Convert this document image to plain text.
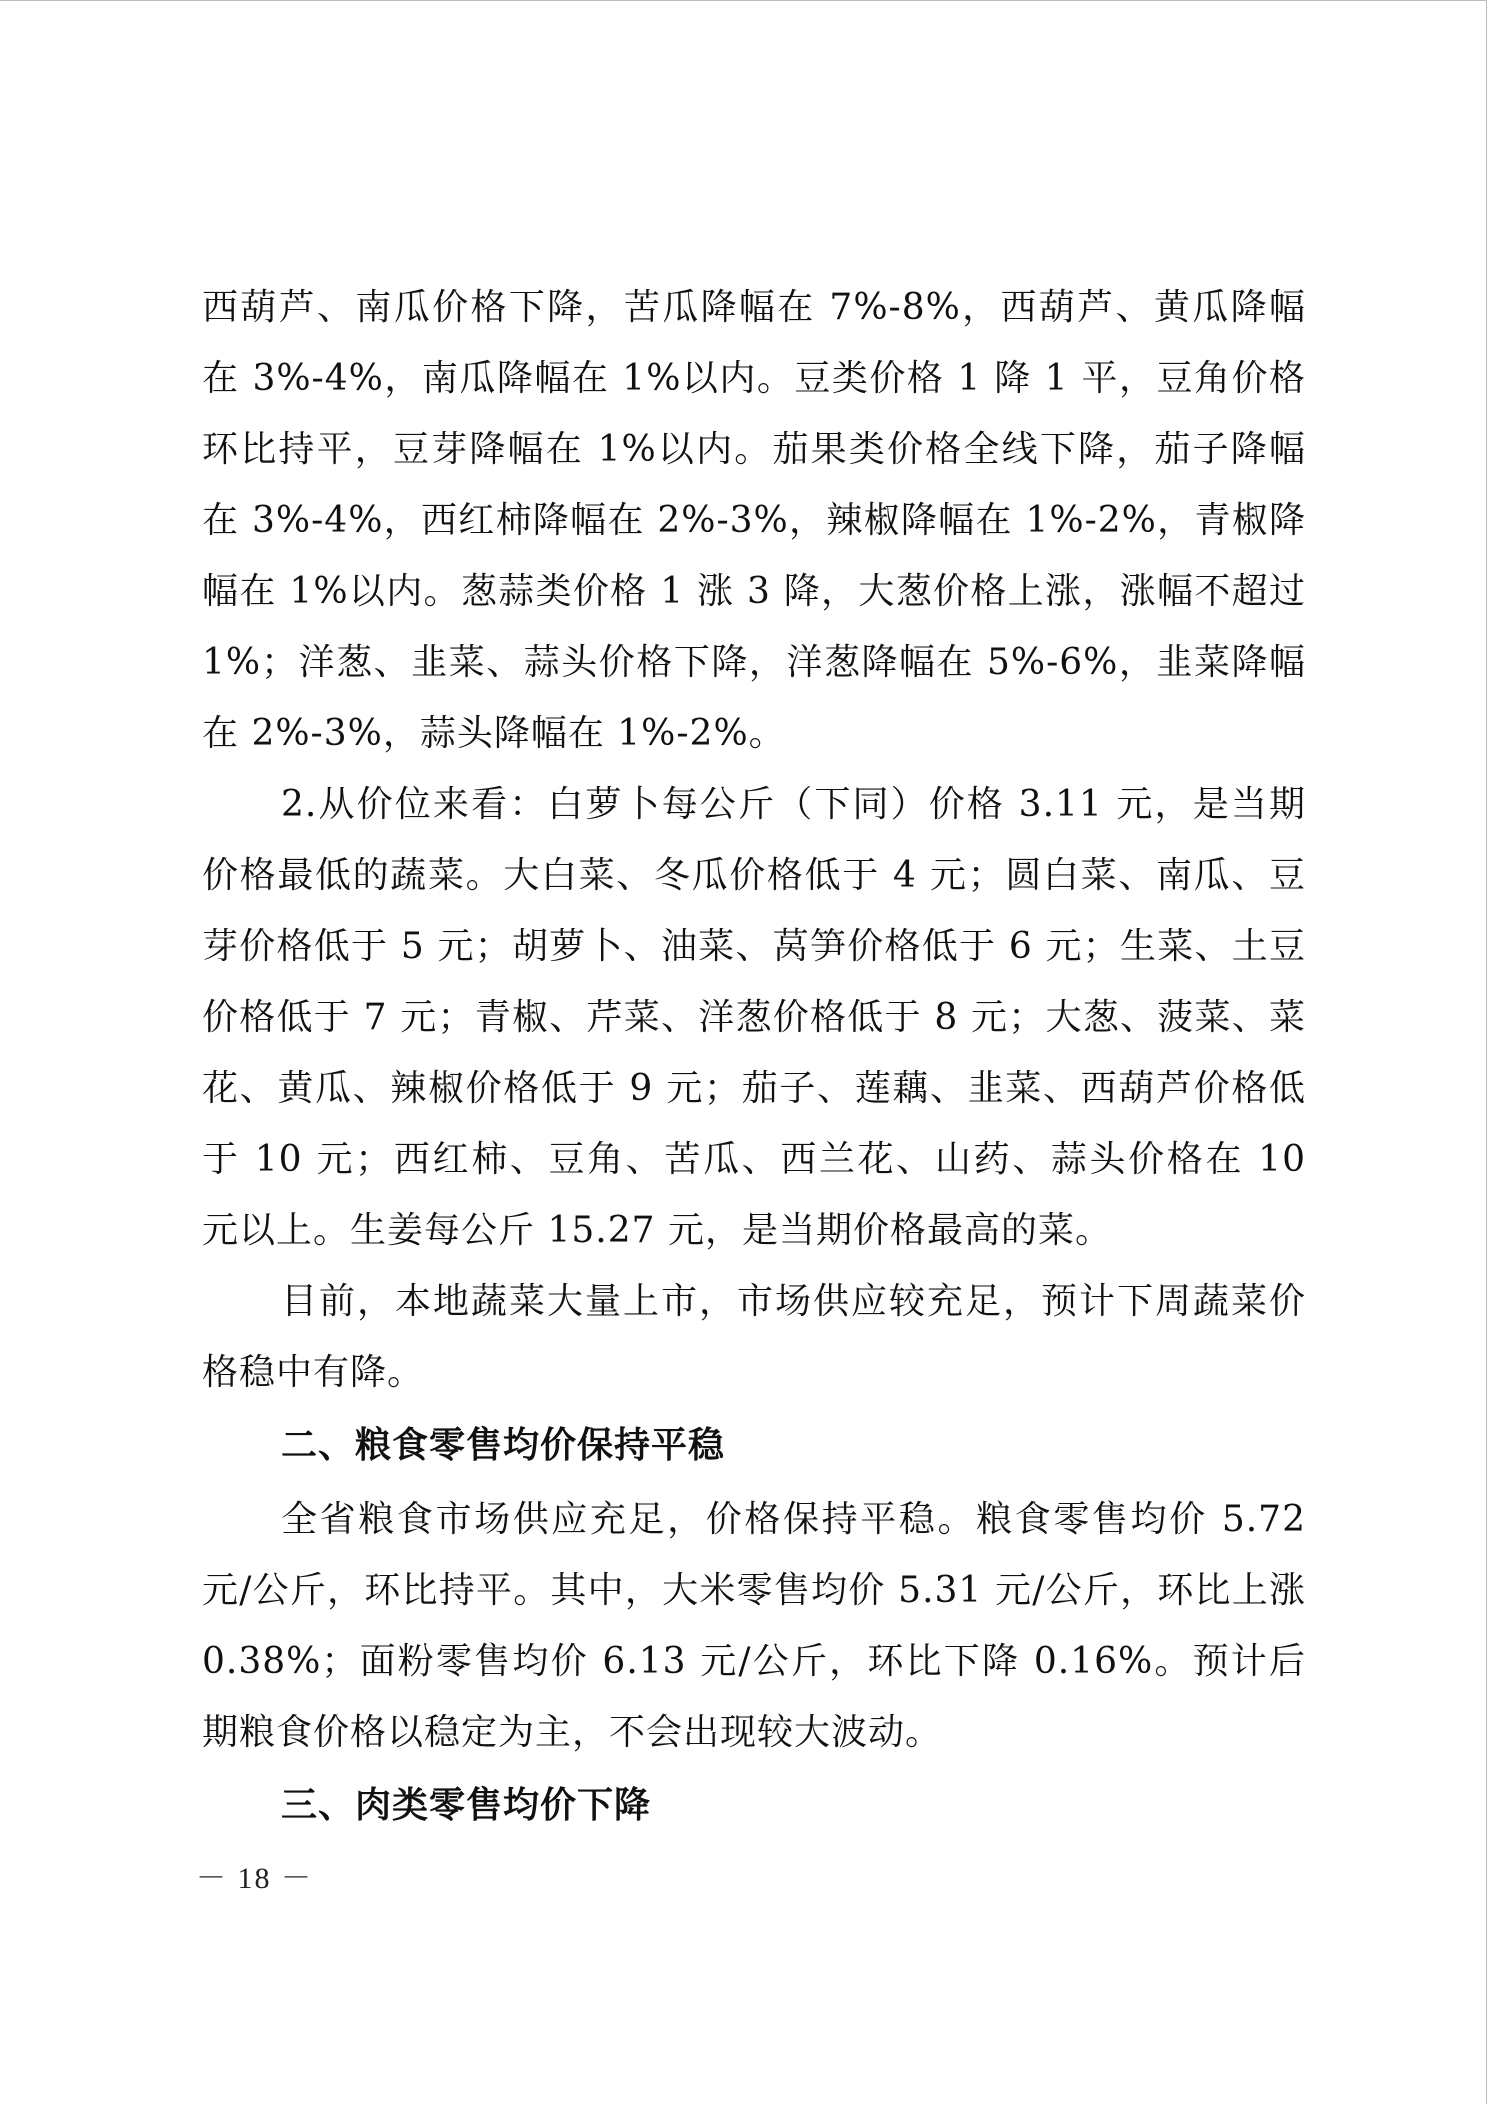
西葫芦、南瓜价格下降，苦瓜降幅在 7%-8%，西葫芦、黄瓜降幅在 3%-4%，南瓜降幅在 1%以内。豆类价格 1 降 1 平，豆角价格环比持平，豆芽降幅在 1%以内。茄果类价格全线下降，茄子降幅在 3%-4%，西红柿降幅在 2%-3%，辣椒降幅在 1%-2%，青椒降幅在 1%以内。葱蒜类价格 1 涨 3 降，大葱价格上涨，涨幅不超过 1%；洋葱、韭菜、蒜头价格下降，洋葱降幅在 5%-6%，韭菜降幅在 2%-3%，蒜头降幅在 1%-2%。

2.从价位来看：白萝卜每公斤（下同）价格 3.11 元，是当期价格最低的蔬菜。大白菜、冬瓜价格低于 4 元；圆白菜、南瓜、豆芽价格低于 5 元；胡萝卜、油菜、莴笋价格低于 6 元；生菜、土豆价格低于 7 元；青椒、芹菜、洋葱价格低于 8 元；大葱、菠菜、菜花、黄瓜、辣椒价格低于 9 元；茄子、莲藕、韭菜、西葫芦价格低于 10 元；西红柿、豆角、苦瓜、西兰花、山药、蒜头价格在 10 元以上。生姜每公斤 15.27 元，是当期价格最高的菜。

目前，本地蔬菜大量上市，市场供应较充足，预计下周蔬菜价格稳中有降。

二、粮食零售均价保持平稳

全省粮食市场供应充足，价格保持平稳。粮食零售均价 5.72 元/公斤，环比持平。其中，大米零售均价 5.31 元/公斤，环比上涨 0.38%；面粉零售均价 6.13 元/公斤，环比下降 0.16%。预计后期粮食价格以稳定为主，不会出现较大波动。

三、肉类零售均价下降
－ 18 －
